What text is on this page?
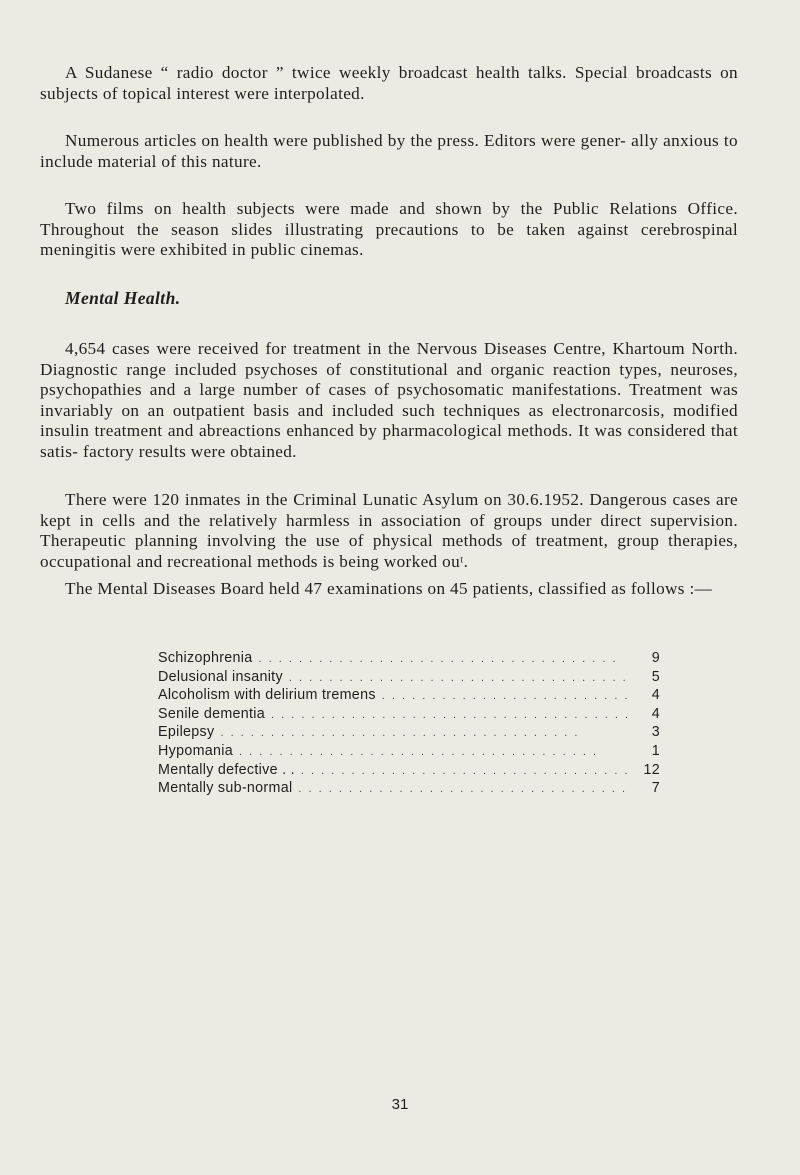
A Sudanese “ radio doctor ” twice weekly broadcast health talks. Special broadcasts on subjects of topical interest were interpolated.

Numerous articles on health were published by the press. Editors were gener- ally anxious to include material of this nature.

Two films on health subjects were made and shown by the Public Relations Office. Throughout the season slides illustrating precautions to be taken against cerebrospinal meningitis were exhibited in public cinemas.

Mental Health.

4,654 cases were received for treatment in the Nervous Diseases Centre, Khartoum North. Diagnostic range included psychoses of constitutional and organic reaction types, neuroses, psychopathies and a large number of cases of psychosomatic manifestations. Treatment was invariably on an outpatient basis and included such techniques as electronarcosis, modified insulin treatment and abreactions enhanced by pharmacological methods. It was considered that satis- factory results were obtained.

There were 120 inmates in the Criminal Lunatic Asylum on 30.6.1952. Dangerous cases are kept in cells and the relatively harmless in association of groups under direct supervision. Therapeutic planning involving the use of physical methods of treatment, group therapies, occupational and recreational methods is being worked ouᵗ.

The Mental Diseases Board held 47 examinations on 45 patients, classified as follows :—

Schizophrenia . .	9
Delusional insanity . .	5
Alcoholism with delirium tremens . .	4
Senile dementia . .	4
Epilepsy . .	3
Hypomania . .	1
Mentally defective . . . .	12
Mentally sub-normal . .	7

31
